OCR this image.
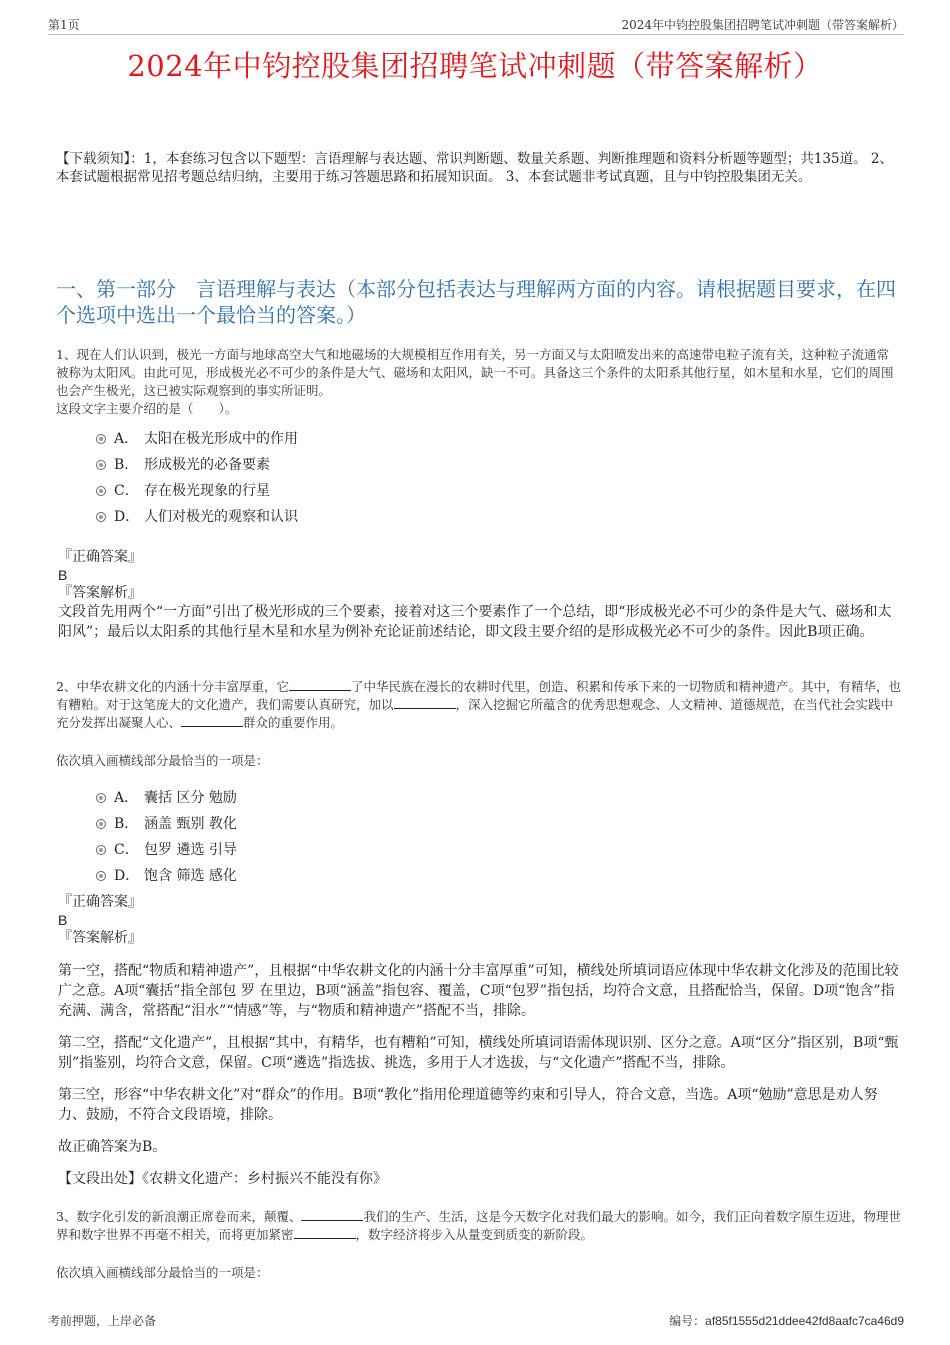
第1页	2024年中钧控股集团招聘笔试冲刺题（带答案解析）
2024年中钧控股集团招聘笔试冲刺题（带答案解析）
【下载须知】：1，本套练习包含以下题型：言语理解与表达题、常识判断题、数量关系题、判断推理题和资料分析题等题型；共135道。 2、本套试题根据常见招考题总结归纳，主要用于练习答题思路和拓展知识面。 3、本套试题非考试真题，且与中钧控股集团无关。
一、第一部分　言语理解与表达（本部分包括表达与理解两方面的内容。请根据题目要求，在四个选项中选出一个最恰当的答案。）
1、现在人们认识到，极光一方面与地球高空大气和地磁场的大规模相互作用有关，另一方面又与太阳喷发出来的高速带电粒子流有关，这种粒子流通常被称为太阳风。由此可见，形成极光必不可少的条件是大气、磁场和太阳风，缺一不可。具备这三个条件的太阳系其他行星，如木星和水星，它们的周围也会产生极光，这已被实际观察到的事实所证明。
这段文字主要介绍的是（　　）。
A． 太阳在极光形成中的作用
B． 形成极光的必备要素
C． 存在极光现象的行星
D． 人们对极光的观察和认识
『正确答案』
B
『答案解析』
文段首先用两个“一方面”引出了极光形成的三个要素，接着对这三个要素作了一个总结，即“形成极光必不可少的条件是大气、磁场和太阳风”；最后以太阳系的其他行星木星和水星为例补充论证前述结论，即文段主要介绍的是形成极光必不可少的条件。因此B项正确。
2、中华农耕文化的内涵十分丰富厚重，它	了中华民族在漫长的农耕时代里，创造、积累和传承下来的一切物质和精神遗产。其中，有精华，也有糟粕。对于这笔庞大的文化遗产，我们需要认真研究，加以	，深入挖掘它所蕴含的优秀思想观念、人文精神、道德规范，在当代社会实践中充分发挥出凝聚人心、	群众的重要作用。
依次填入画横线部分最恰当的一项是：
A． 囊括 区分 勉励
B． 涵盖 甄别 教化
C． 包罗 遴选 引导
D． 饱含 筛选 感化
『正确答案』
B
『答案解析』

第一空，搭配“物质和精神遗产”，且根据“中华农耕文化的内涵十分丰富厚重”可知，横线处所填词语应体现中华农耕文化涉及的范围比较广之意。A项“囊括”指全部包 罗 在里边，B项“涵盖”指包容、覆盖，C项“包罗”指包括，均符合文意，且搭配恰当，保留。D项“饱含”指充满、满含，常搭配“泪水”“情感”等，与“物质和精神遗产”搭配不当，排除。

第二空，搭配“文化遗产”，且根据“其中，有精华，也有糟粕”可知，横线处所填词语需体现识别、区分之意。A项“区分”指区别，B项“甄别”指鉴别，均符合文意，保留。C项“遴选”指选拔、挑选，多用于人才选拔，与“文化遗产”搭配不当，排除。

第三空，形容“中华农耕文化”对“群众”的作用。B项“教化”指用伦理道德等约束和引导人，符合文意，当选。A项“勉励”意思是劝人努力、鼓励，不符合文段语境，排除。

故正确答案为B。

【文段出处】《农耕文化遗产：乡村振兴不能没有你》

3、数字化引发的新浪潮正席卷而来，颠覆、	我们的生产、生活，这是今天数字化对我们最大的影响。如今，我们正向着数字原生迈进，物理世界和数字世界不再毫不相关，而将更加紧密	，数字经济将步入从量变到质变的新阶段。
依次填入画横线部分最恰当的一项是：
考前押题，上岸必备	编号：af85f1555d21ddee42fd8aafc7ca46d9
